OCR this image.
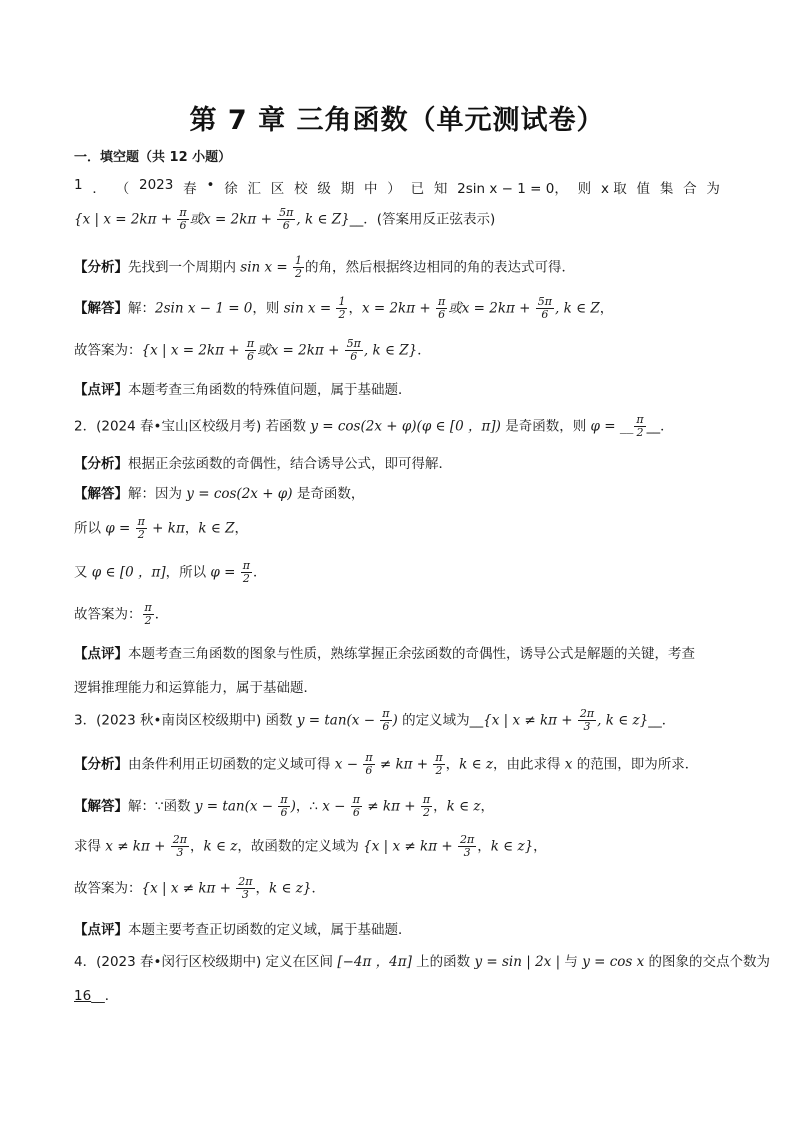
第 7 章 三角函数（单元测试卷）
一．填空题（共 12 小题）
1 ． （ 2023 春 • 徐 汇 区 校 级 期 中 ） 已 知 2sin x − 1 = 0， 则 x 取 值 集 合 为
{x | $x = 2k\pi + \frac{\pi}{6}$ 或$x = 2k\pi + \frac{5\pi}{6}$ , k ∈ Z}__．(答案用反正弦表示)
【分析】先找到一个周期内 $\sin x = \frac{1}{2}$ 的角，然后根据终边相同的角的表达式可得．
【解答】解：2sin x − 1 = 0，则 $\sin x = \frac{1}{2}$ ，$x = 2k\pi + \frac{\pi}{6}$ 或$x = 2k\pi + \frac{5\pi}{6}$ , k ∈ Z，
故答案为：{x | $x = 2k\pi + \frac{\pi}{6}$ 或$x = 2k\pi + \frac{5\pi}{6}$ , k ∈ Z}．
【点评】本题考查三角函数的特殊值问题，属于基础题．
2．(2024 春•宝山区校级月考) 若函数 y = cos(2x + φ)(φ ∈ [0 ，π]) 是奇函数，则 φ = __ $\frac{\pi}{2}$ __．
【分析】根据正余弦函数的奇偶性，结合诱导公式，即可得解．
【解答】解：因为 y = cos(2x + φ) 是奇函数，
所以 $\varphi = \frac{\pi}{2} + k\pi$，k ∈ Z，
又 φ ∈ [0 ，π]，所以 $\varphi = \frac{\pi}{2}$ ．
故答案为： $\frac{\pi}{2}$ ．
【点评】本题考查三角函数的图象与性质，熟练掌握正余弦函数的奇偶性，诱导公式是解题的关键，考查
逻辑推理能力和运算能力，属于基础题．
3．(2023 秋•南岗区校级期中) 函数 $y = \tan(x - \frac{\pi}{6}$ ) 的定义域为__{x | $x \ne k\pi + \frac{2\pi}{3}$ , k ∈ z}__．
【分析】由条件利用正切函数的定义域可得 $x - \frac{\pi}{6} \ne k\pi + \frac{\pi}{2}$ ，k ∈ z，由此求得 x 的范围，即为所求．
【解答】解：∵函数 $y = \tan(x - \frac{\pi}{6}$ )，∴ $x - \frac{\pi}{6} \ne k\pi + \frac{\pi}{2}$ ，k ∈ z，
求得 $x \ne k\pi + \frac{2\pi}{3}$ ，k ∈ z，故函数的定义域为 {x | $x \ne k\pi + \frac{2\pi}{3}$ ，k ∈ z}，
故答案为：{x | $x \ne k\pi + \frac{2\pi}{3}$ ，k ∈ z}．
【点评】本题主要考查正切函数的定义域，属于基础题．
4．(2023 春•闵行区校级期中) 定义在区间 [−4π ，4π] 上的函数 y = sin | 2x | 与 y = cos x 的图象的交点个数为
16__．
